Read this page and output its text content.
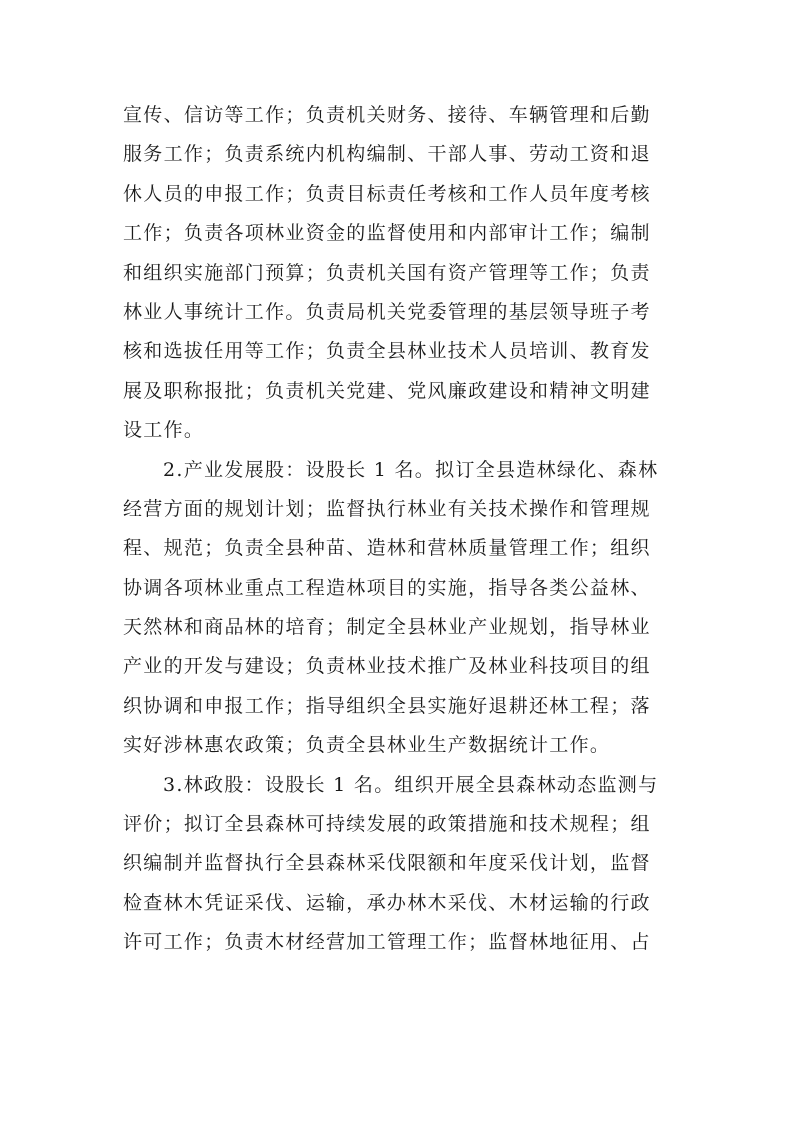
宣传、信访等工作；负责机关财务、接待、车辆管理和后勤
服务工作；负责系统内机构编制、干部人事、劳动工资和退
休人员的申报工作；负责目标责任考核和工作人员年度考核
工作；负责各项林业资金的监督使用和内部审计工作；编制
和组织实施部门预算；负责机关国有资产管理等工作；负责
林业人事统计工作。负责局机关党委管理的基层领导班子考
核和选拔任用等工作；负责全县林业技术人员培训、教育发
展及职称报批；负责机关党建、党风廉政建设和精神文明建
设工作。
2.产业发展股：设股长 1 名。拟订全县造林绿化、森林
经营方面的规划计划；监督执行林业有关技术操作和管理规
程、规范；负责全县种苗、造林和营林质量管理工作；组织
协调各项林业重点工程造林项目的实施，指导各类公益林、
天然林和商品林的培育；制定全县林业产业规划，指导林业
产业的开发与建设；负责林业技术推广及林业科技项目的组
织协调和申报工作；指导组织全县实施好退耕还林工程；落
实好涉林惠农政策；负责全县林业生产数据统计工作。
3.林政股：设股长 1 名。组织开展全县森林动态监测与
评价；拟订全县森林可持续发展的政策措施和技术规程；组
织编制并监督执行全县森林采伐限额和年度采伐计划，监督
检查林木凭证采伐、运输，承办林木采伐、木材运输的行政
许可工作；负责木材经营加工管理工作；监督林地征用、占
